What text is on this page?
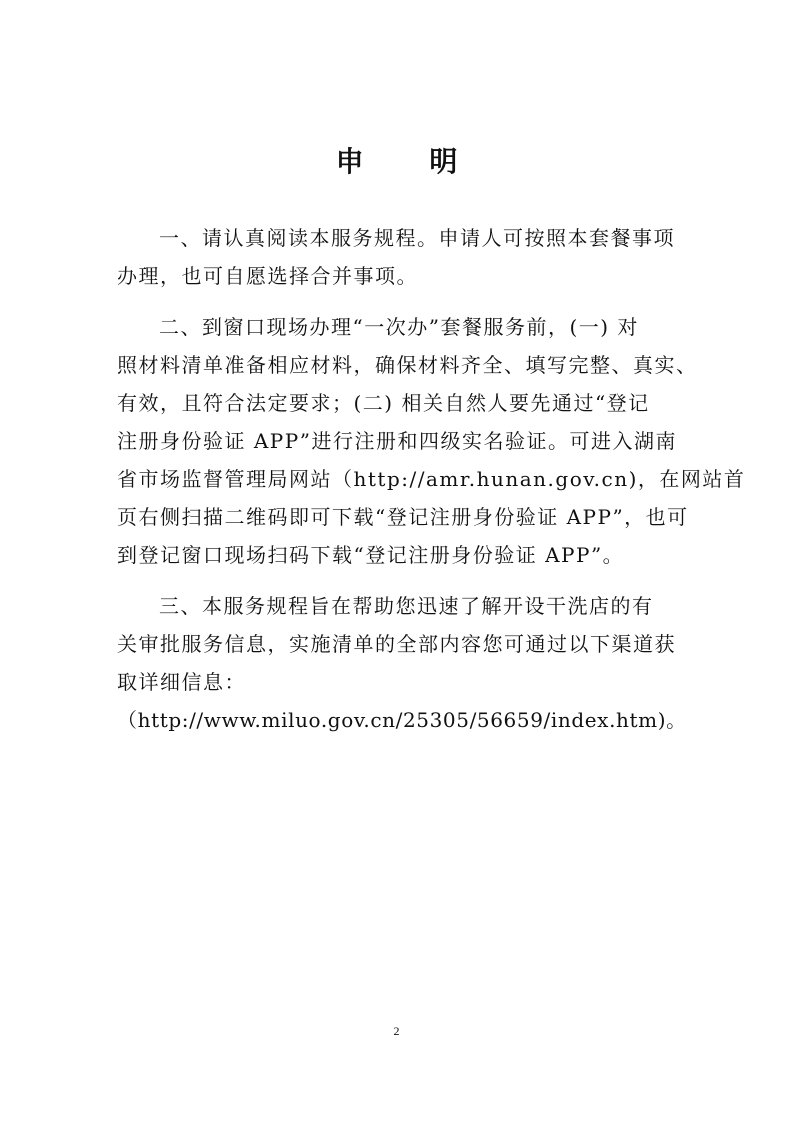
申 明
一、请认真阅读本服务规程。申请人可按照本套餐事项
办理，也可自愿选择合并事项。
二、到窗口现场办理“一次办”套餐服务前，(一) 对
照材料清单准备相应材料，确保材料齐全、填写完整、真实、
有效，且符合法定要求；(二) 相关自然人要先通过“登记
注册身份验证 APP”进行注册和四级实名验证。可进入湖南
省市场监督管理局网站（http://amr.hunan.gov.cn)，在网站首
页右侧扫描二维码即可下载“登记注册身份验证 APP”，也可
到登记窗口现场扫码下载“登记注册身份验证 APP”。
三、本服务规程旨在帮助您迅速了解开设干洗店的有
关审批服务信息，实施清单的全部内容您可通过以下渠道获
取详细信息：
（http://www.miluo.gov.cn/25305/56659/index.htm)。
2
